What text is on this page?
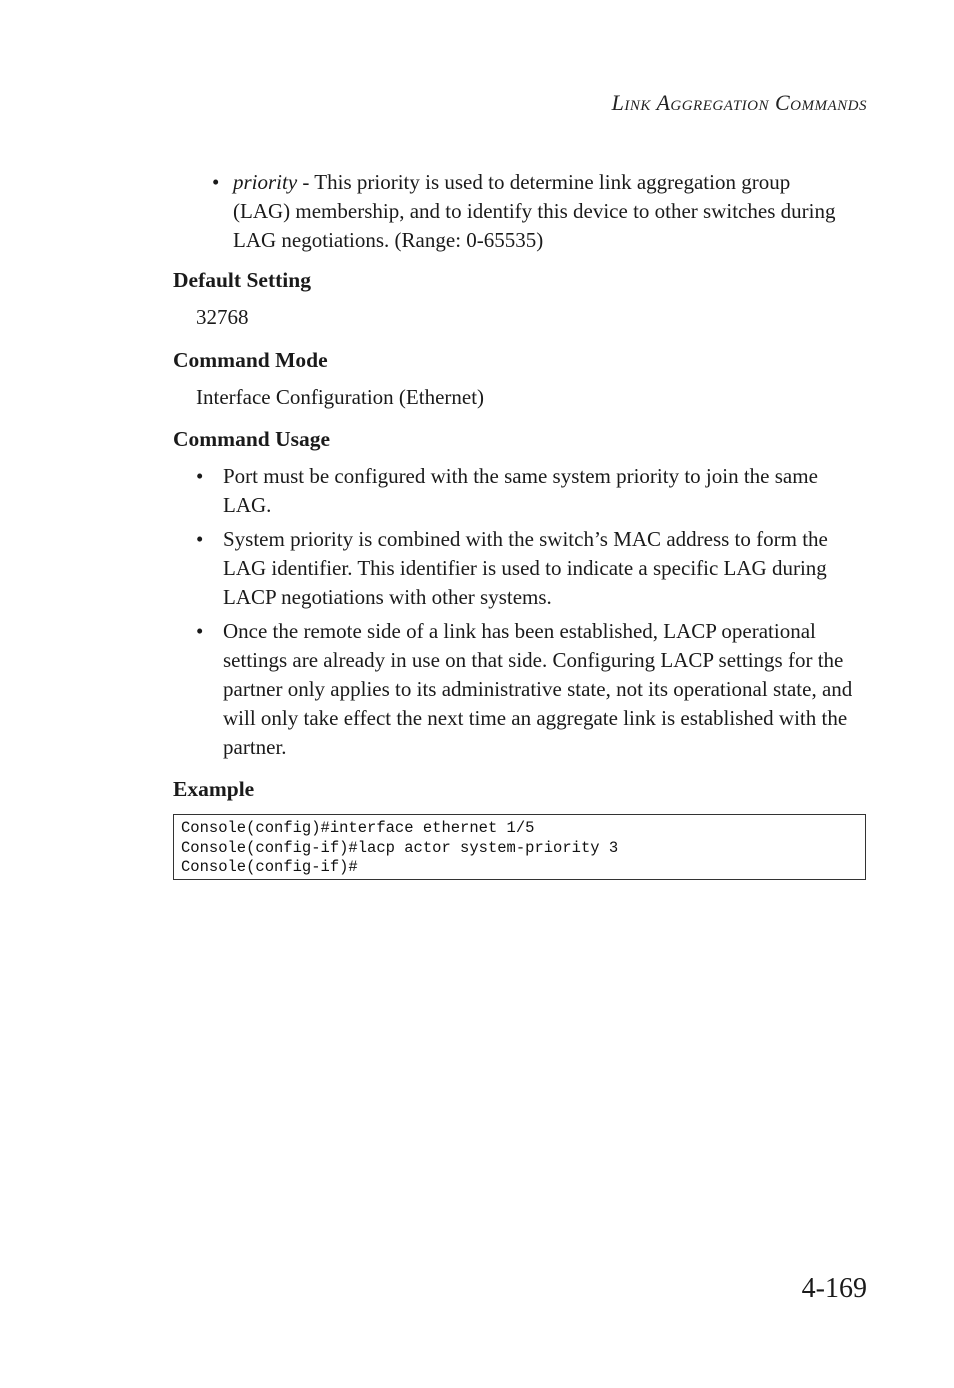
Link Aggregation Commands
• priority - This priority is used to determine link aggregation group (LAG) membership, and to identify this device to other switches during LAG negotiations. (Range: 0-65535)
Default Setting
32768
Command Mode
Interface Configuration (Ethernet)
Command Usage
• Port must be configured with the same system priority to join the same LAG.
• System priority is combined with the switch’s MAC address to form the LAG identifier. This identifier is used to indicate a specific LAG during LACP negotiations with other systems.
• Once the remote side of a link has been established, LACP operational settings are already in use on that side. Configuring LACP settings for the partner only applies to its administrative state, not its operational state, and will only take effect the next time an aggregate link is established with the partner.
Example
Console(config)#interface ethernet 1/5
Console(config-if)#lacp actor system-priority 3
Console(config-if)#
4-169
